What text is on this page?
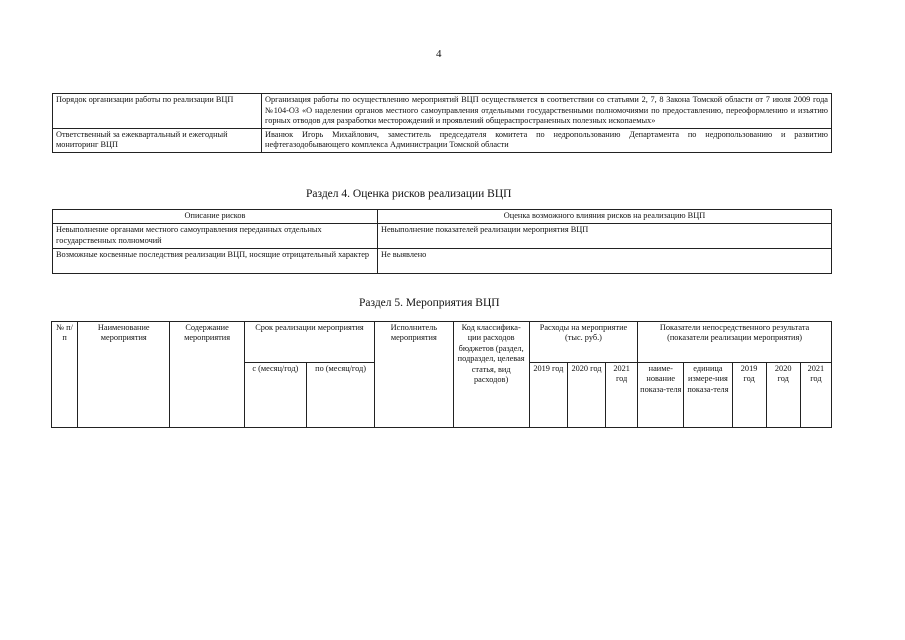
4
Порядок организации работы по реализации ВЦП	Организация работы по осуществлению мероприятий ВЦП осуществляется в соответствии со статьями 2, 7, 8 Закона Томской области от 7 июля 2009 года №104-ОЗ «О наделении органов местного самоуправления отдельными государственными полномочиями по предоставлению, переоформлению и изъятию горных отводов для разработки месторождений и проявлений общераспространенных полезных ископаемых»
Ответственный за ежеквартальный и ежегодный мониторинг ВЦП	Иванюк Игорь Михайлович, заместитель председателя комитета по недропользованию Департамента по недропользованию и развитию нефтегазодобывающего комплекса Администрации Томской области
Раздел 4. Оценка рисков реализации ВЦП
Описание рисков	Оценка возможного влияния рисков на реализацию ВЦП
Невыполнение органами местного самоуправления переданных отдельных государственных полномочий	Невыполнение показателей реализации мероприятия ВЦП
Возможные косвенные последствия реализации ВЦП, носящие отрицательный характер	Не выявлено
Раздел 5. Мероприятия ВЦП
№ п/п	Наименование мероприятия	Содержание мероприятия	Срок реализации мероприятия		Исполнитель мероприятия	Код классифика-ции расходов бюджетов (раздел, подраздел, целевая статья, вид расходов)	Расходы на мероприятие (тыс. руб.)			Показатели непосредственного результата (показатели реализации мероприятия)				
			с (месяц/год)	по (месяц/год)			2019 год	2020 год	2021 год	наиме-нование показа-теля	единица измере-ния показа-теля	2019 год	2020 год	2021 год
